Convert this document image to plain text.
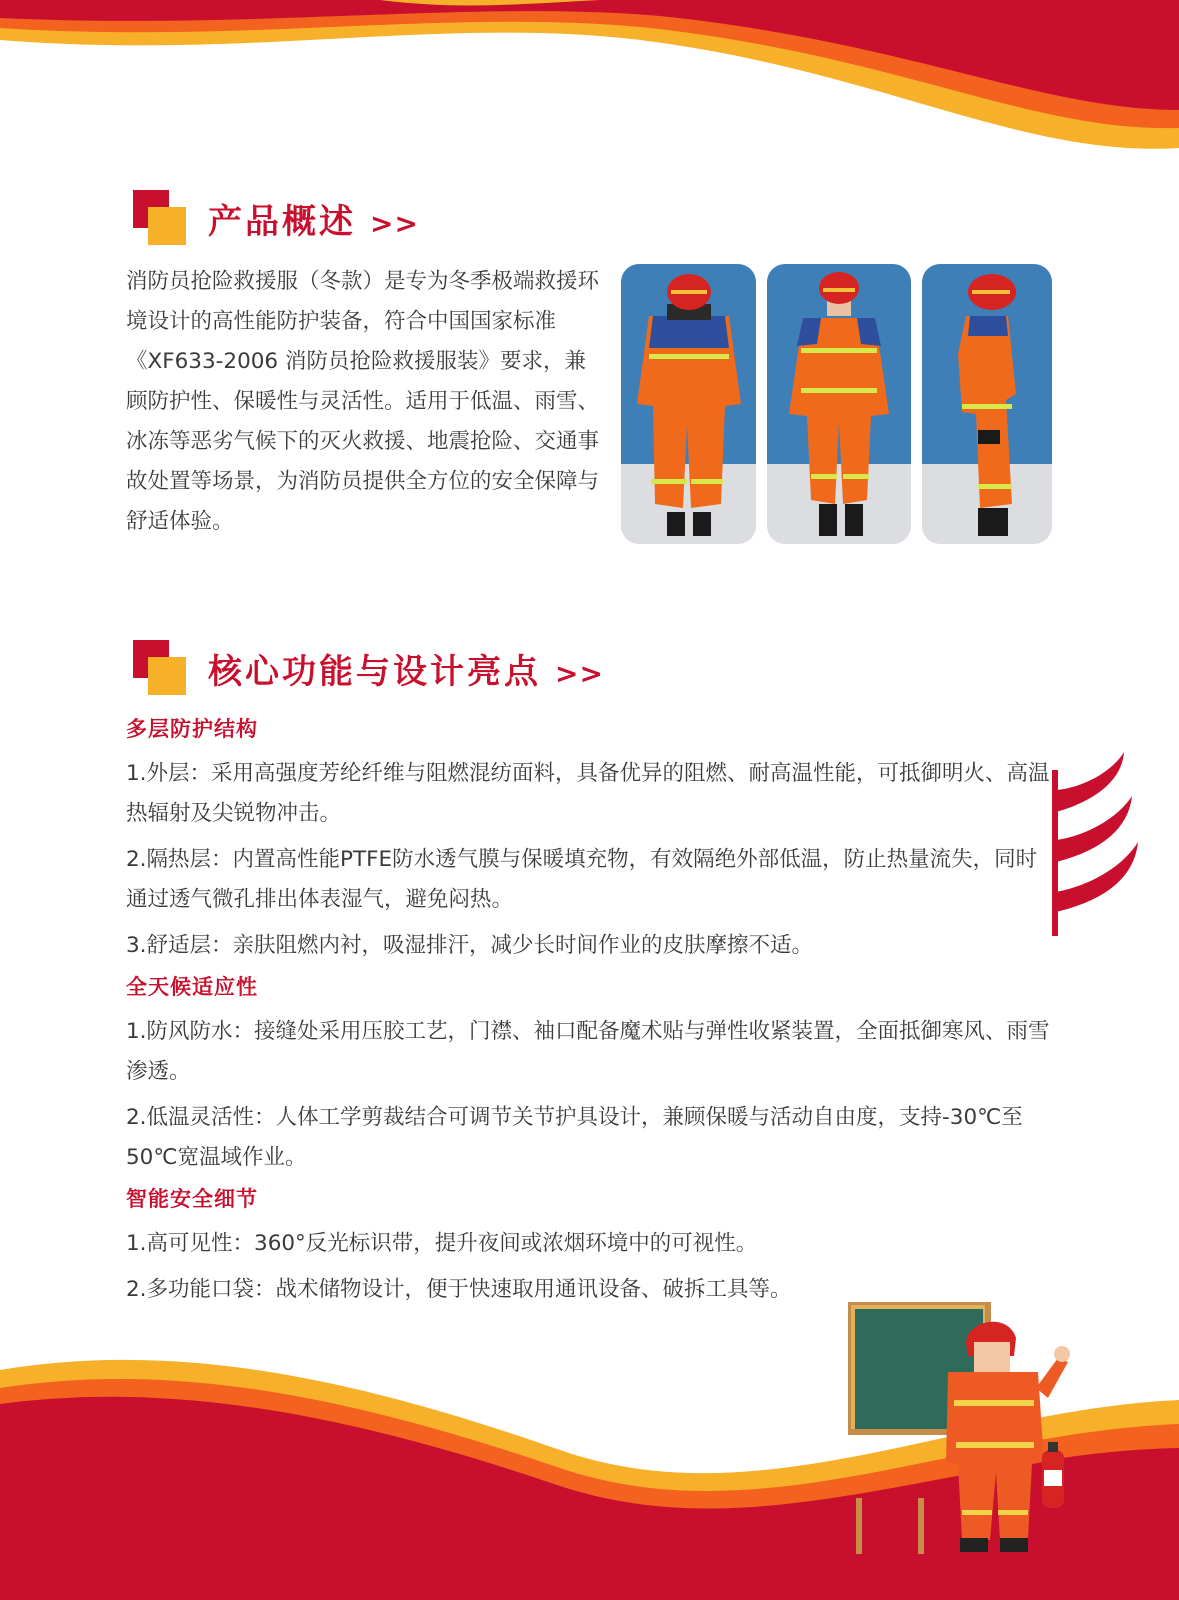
产品概述 >>
消防员抢险救援服（冬款）是专为冬季极端救援环境设计的高性能防护装备，符合中国国家标准《XF633-2006 消防员抢险救援服装》要求，兼顾防护性、保暖性与灵活性。适用于低温、雨雪、冰冻等恶劣气候下的灭火救援、地震抢险、交通事故处置等场景，为消防员提供全方位的安全保障与舒适体验。
核心功能与设计亮点 >>
多层防护结构
1.外层：采用高强度芳纶纤维与阻燃混纺面料，具备优异的阻燃、耐高温性能，可抵御明火、高温热辐射及尖锐物冲击。
2.隔热层：内置高性能PTFE防水透气膜与保暖填充物，有效隔绝外部低温，防止热量流失，同时通过透气微孔排出体表湿气，避免闷热。
3.舒适层：亲肤阻燃内衬，吸湿排汗，减少长时间作业的皮肤摩擦不适。
全天候适应性
1.防风防水：接缝处采用压胶工艺，门襟、袖口配备魔术贴与弹性收紧装置，全面抵御寒风、雨雪渗透。
2.低温灵活性：人体工学剪裁结合可调节关节护具设计，兼顾保暖与活动自由度，支持-30℃至50℃宽温域作业。
智能安全细节
1.高可见性：360°反光标识带，提升夜间或浓烟环境中的可视性。
2.多功能口袋：战术储物设计，便于快速取用通讯设备、破拆工具等。
